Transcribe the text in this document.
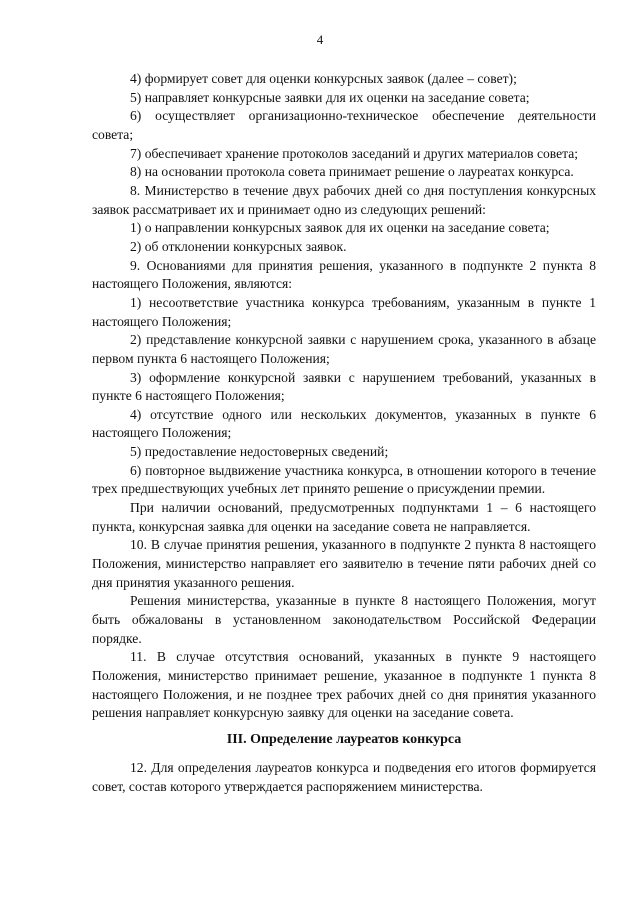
4

4) формирует совет для оценки конкурсных заявок (далее – совет);

5) направляет конкурсные заявки для их оценки на заседание совета;

6) осуществляет организационно-техническое обеспечение деятельности совета;

7) обеспечивает хранение протоколов заседаний и других материалов совета;

8) на основании протокола совета принимает решение о лауреатах конкурса.

8. Министерство в течение двух рабочих дней со дня поступления конкурсных заявок рассматривает их и принимает одно из следующих решений:

1) о направлении конкурсных заявок для их оценки на заседание совета;

2) об отклонении конкурсных заявок.

9. Основаниями для принятия решения, указанного в подпункте 2 пункта 8 настоящего Положения, являются:

1) несоответствие участника конкурса требованиям, указанным в пункте 1 настоящего Положения;

2) представление конкурсной заявки с нарушением срока, указанного в абзаце первом пункта 6 настоящего Положения;

3) оформление конкурсной заявки с нарушением требований, указанных в пункте 6 настоящего Положения;

4) отсутствие одного или нескольких документов, указанных в пункте 6 настоящего Положения;

5) предоставление недостоверных сведений;

6) повторное выдвижение участника конкурса, в отношении которого в течение трех предшествующих учебных лет принято решение о присуждении премии.

При наличии оснований, предусмотренных подпунктами 1 – 6 настоящего пункта, конкурсная заявка для оценки на заседание совета не направляется.

10. В случае принятия решения, указанного в подпункте 2 пункта 8 настоящего Положения, министерство направляет его заявителю в течение пяти рабочих дней со дня принятия указанного решения.

Решения министерства, указанные в пункте 8 настоящего Положения, могут быть обжалованы в установленном законодательством Российской Федерации порядке.

11. В случае отсутствия оснований, указанных в пункте 9 настоящего Положения, министерство принимает решение, указанное в подпункте 1 пункта 8 настоящего Положения, и не позднее трех рабочих дней со дня принятия указанного решения направляет конкурсную заявку для оценки на заседание совета.

III. Определение лауреатов конкурса

12. Для определения лауреатов конкурса и подведения его итогов формируется совет, состав которого утверждается распоряжением министерства.
